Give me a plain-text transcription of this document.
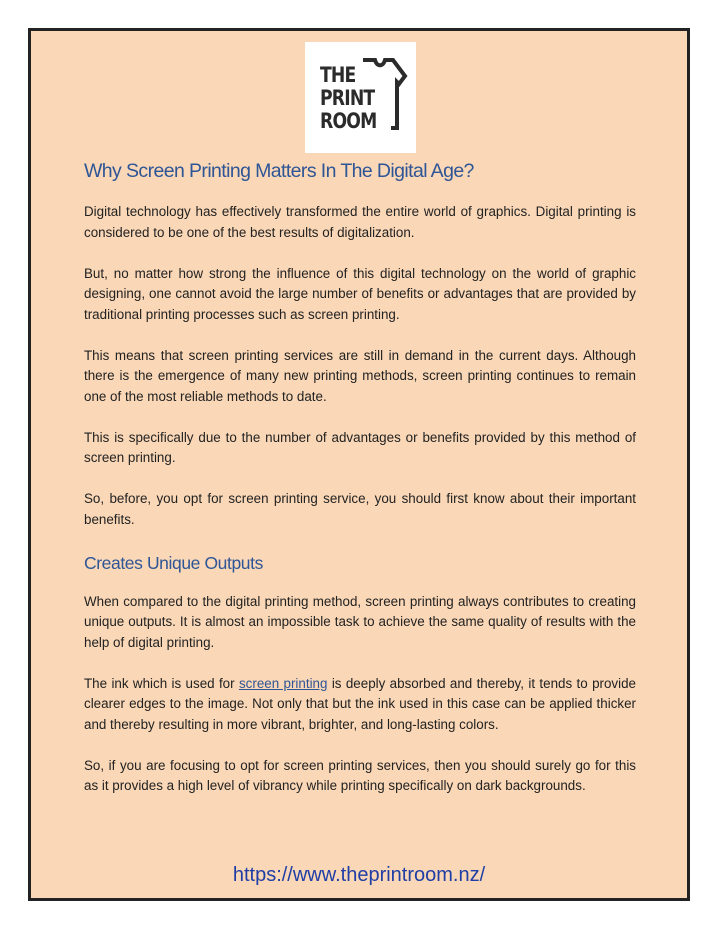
THE
PRINT
ROOM
Why Screen Printing Matters In The Digital Age?

Digital technology has effectively transformed the entire world of graphics. Digital printing is considered to be one of the best results of digitalization.

But, no matter how strong the influence of this digital technology on the world of graphic designing, one cannot avoid the large number of benefits or advantages that are provided by traditional printing processes such as screen printing.

This means that screen printing services are still in demand in the current days. Although there is the emergence of many new printing methods, screen printing continues to remain one of the most reliable methods to date.

This is specifically due to the number of advantages or benefits provided by this method of screen printing.

So, before, you opt for screen printing service, you should first know about their important benefits.

Creates Unique Outputs

When compared to the digital printing method, screen printing always contributes to creating unique outputs. It is almost an impossible task to achieve the same quality of results with the help of digital printing.

The ink which is used for screen printing is deeply absorbed and thereby, it tends to provide clearer edges to the image. Not only that but the ink used in this case can be applied thicker and thereby resulting in more vibrant, brighter, and long-lasting colors.

So, if you are focusing to opt for screen printing services, then you should surely go for this as it provides a high level of vibrancy while printing specifically on dark backgrounds.

https://www.theprintroom.nz/
